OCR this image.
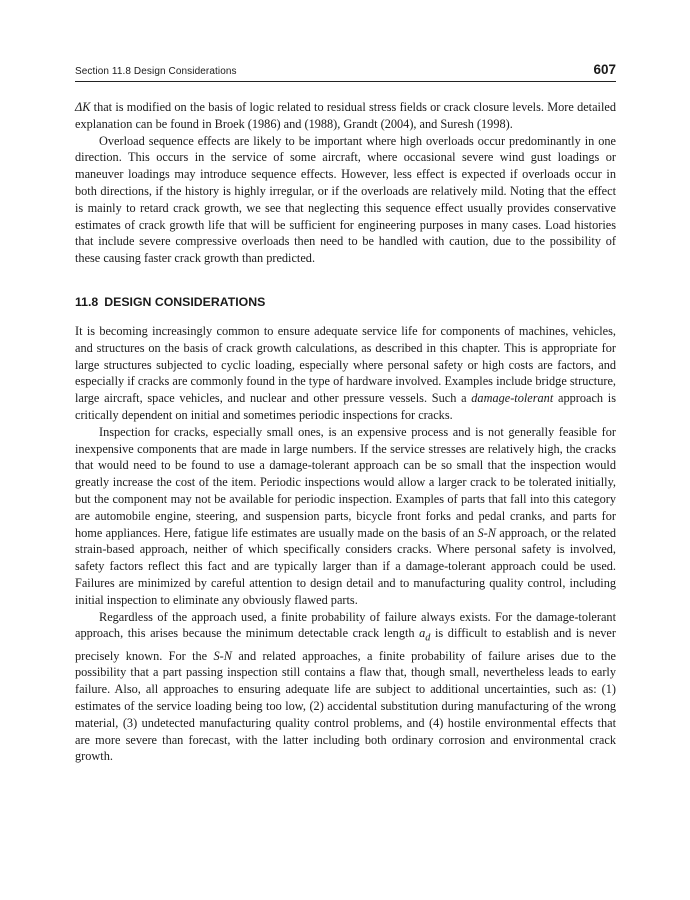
Section 11.8 Design Considerations	607

ΔK that is modified on the basis of logic related to residual stress fields or crack closure levels. More detailed explanation can be found in Broek (1986) and (1988), Grandt (2004), and Suresh (1998).

Overload sequence effects are likely to be important where high overloads occur predominantly in one direction. This occurs in the service of some aircraft, where occasional severe wind gust loadings or maneuver loadings may introduce sequence effects. However, less effect is expected if overloads occur in both directions, if the history is highly irregular, or if the overloads are relatively mild. Noting that the effect is mainly to retard crack growth, we see that neglecting this sequence effect usually provides conservative estimates of crack growth life that will be sufficient for engineering purposes in many cases. Load histories that include severe compressive overloads then need to be handled with caution, due to the possibility of these causing faster crack growth than predicted.

11.8 DESIGN CONSIDERATIONS

It is becoming increasingly common to ensure adequate service life for components of machines, vehicles, and structures on the basis of crack growth calculations, as described in this chapter. This is appropriate for large structures subjected to cyclic loading, especially where personal safety or high costs are factors, and especially if cracks are commonly found in the type of hardware involved. Examples include bridge structure, large aircraft, space vehicles, and nuclear and other pressure vessels. Such a damage-tolerant approach is critically dependent on initial and sometimes periodic inspections for cracks.

Inspection for cracks, especially small ones, is an expensive process and is not generally feasible for inexpensive components that are made in large numbers. If the service stresses are relatively high, the cracks that would need to be found to use a damage-tolerant approach can be so small that the inspection would greatly increase the cost of the item. Periodic inspections would allow a larger crack to be tolerated initially, but the component may not be available for periodic inspection. Examples of parts that fall into this category are automobile engine, steering, and suspension parts, bicycle front forks and pedal cranks, and parts for home appliances. Here, fatigue life estimates are usually made on the basis of an S-N approach, or the related strain-based approach, neither of which specifically considers cracks. Where personal safety is involved, safety factors reflect this fact and are typically larger than if a damage-tolerant approach could be used. Failures are minimized by careful attention to design detail and to manufacturing quality control, including initial inspection to eliminate any obviously flawed parts.

Regardless of the approach used, a finite probability of failure always exists. For the damage-tolerant approach, this arises because the minimum detectable crack length $a_d$ is difficult to establish and is never precisely known. For the S-N and related approaches, a finite probability of failure arises due to the possibility that a part passing inspection still contains a flaw that, though small, nevertheless leads to early failure. Also, all approaches to ensuring adequate life are subject to additional uncertainties, such as: (1) estimates of the service loading being too low, (2) accidental substitution during manufacturing of the wrong material, (3) undetected manufacturing quality control problems, and (4) hostile environmental effects that are more severe than forecast, with the latter including both ordinary corrosion and environmental crack growth.
